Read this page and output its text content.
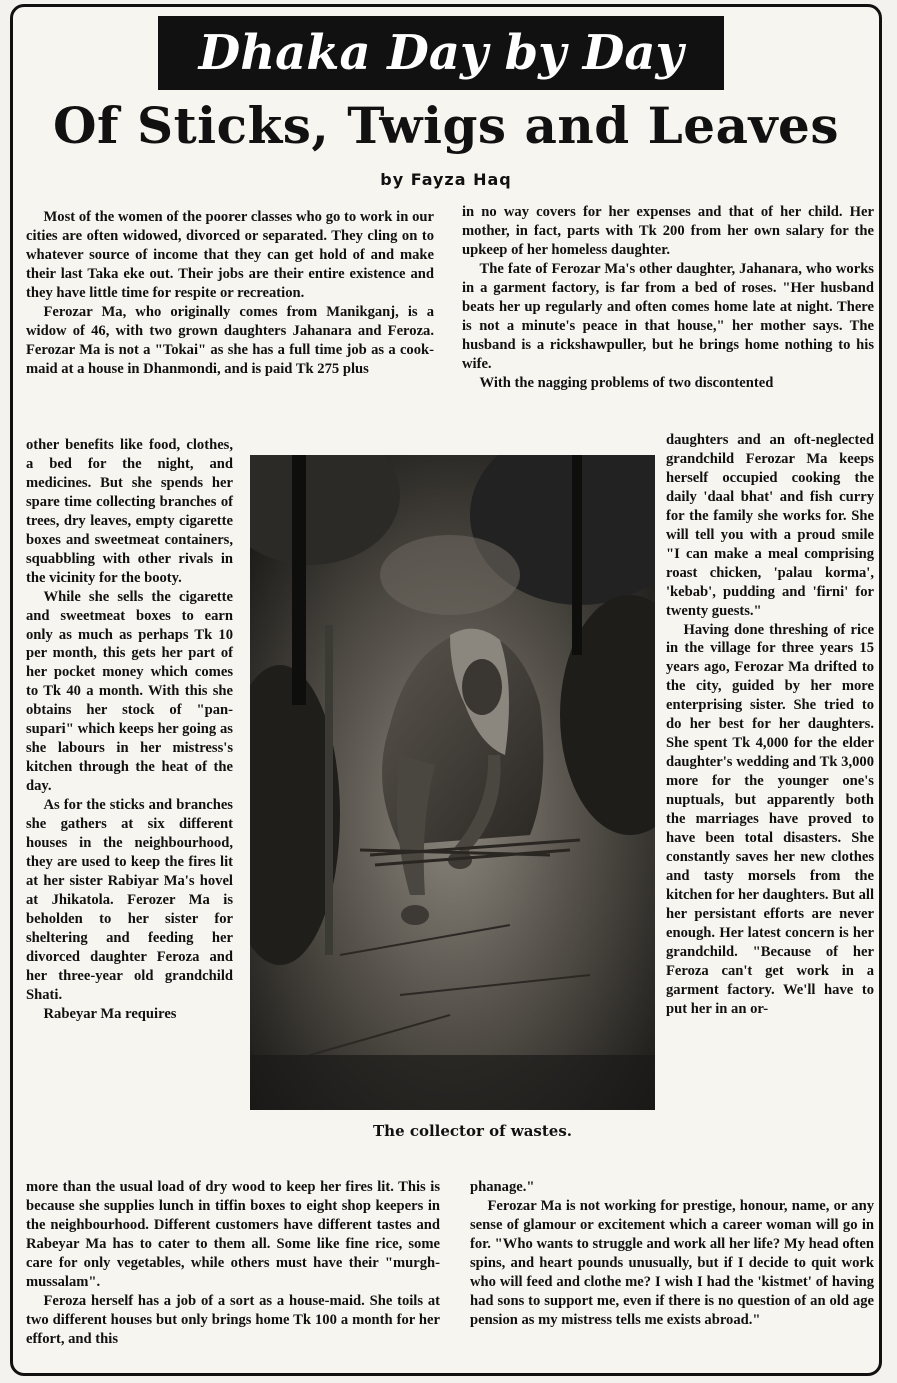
Dhaka Day by Day
Of Sticks, Twigs and Leaves
by Fayza Haq

Most of the women of the poorer classes who go to work in our cities are often widowed, divorced or separated. They cling on to whatever source of income that they can get hold of and make their last Taka eke out. Their jobs are their entire existence and they have little time for respite or recreation.

Ferozar Ma, who originally comes from Manikganj, is a widow of 46, with two grown daughters Jahanara and Feroza. Ferozar Ma is not a "Tokai" as she has a full time job as a cook-maid at a house in Dhanmondi, and is paid Tk 275 plus

other benefits like food, clothes, a bed for the night, and medicines. But she spends her spare time collecting branches of trees, dry leaves, empty cigarette boxes and sweetmeat containers, squabbling with other rivals in the vicinity for the booty.

While she sells the cigarette and sweetmeat boxes to earn only as much as perhaps Tk 10 per month, this gets her part of her pocket money which comes to Tk 40 a month. With this she obtains her stock of "pan-supari" which keeps her going as she labours in her mistress's kitchen through the heat of the day.

As for the sticks and branches she gathers at six different houses in the neighbourhood, they are used to keep the fires lit at her sister Rabiyar Ma's hovel at Jhikatola. Ferozer Ma is beholden to her sister for sheltering and feeding her divorced daughter Feroza and her three-year old grandchild Shati.

Rabeyar Ma requires

more than the usual load of dry wood to keep her fires lit. This is because she supplies lunch in tiffin boxes to eight shop keepers in the neighbourhood. Different customers have different tastes and Rabeyar Ma has to cater to them all. Some like fine rice, some care for only vegetables, while others must have their "murgh-mussalam".

Feroza herself has a job of a sort as a house-maid. She toils at two different houses but only brings home Tk 100 a month for her effort, and this

in no way covers for her expenses and that of her child. Her mother, in fact, parts with Tk 200 from her own salary for the upkeep of her homeless daughter.

The fate of Ferozar Ma's other daughter, Jahanara, who works in a garment factory, is far from a bed of roses. "Her husband beats her up regularly and often comes home late at night. There is not a minute's peace in that house," her mother says. The husband is a rickshawpuller, but he brings home nothing to his wife.

With the nagging problems of two discontented

daughters and an oft-neglected grandchild Ferozar Ma keeps herself occupied cooking the daily 'daal bhat' and fish curry for the family she works for. She will tell you with a proud smile "I can make a meal comprising roast chicken, 'palau korma', 'kebab', pudding and 'firni' for twenty guests."

Having done threshing of rice in the village for three years 15 years ago, Ferozar Ma drifted to the city, guided by her more enterprising sister. She tried to do her best for her daughters. She spent Tk 4,000 for the elder daughter's wedding and Tk 3,000 more for the younger one's nuptuals, but apparently both the marriages have proved to have been total disasters. She constantly saves her new clothes and tasty morsels from the kitchen for her daughters. But all her persistant efforts are never enough. Her latest concern is her grandchild. "Because of her Feroza can't get work in a garment factory. We'll have to put her in an or-

phanage."

Ferozar Ma is not working for prestige, honour, name, or any sense of glamour or excitement which a career woman will go in for. "Who wants to struggle and work all her life? My head often spins, and heart pounds unusually, but if I decide to quit work who will feed and clothe me? I wish I had the 'kistmet' of having had sons to support me, even if there is no question of an old age pension as my mistress tells me exists abroad."

The collector of wastes.
